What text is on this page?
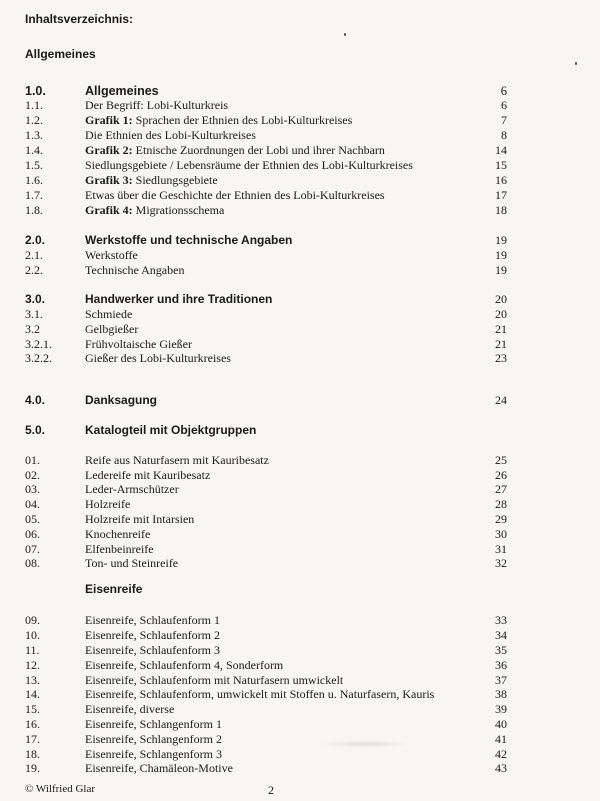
Inhaltsverzeichnis:
Allgemeines
1.0.	Allgemeines	6
1.1.	Der Begriff: Lobi-Kulturkreis	6
1.2.	Grafik 1: Sprachen der Ethnien des Lobi-Kulturkreises	7
1.3.	Die Ethnien des Lobi-Kulturkreises	8
1.4.	Grafik 2: Etnische Zuordnungen der Lobi und ihrer Nachbarn	14
1.5.	Siedlungsgebiete / Lebensräume der Ethnien des Lobi-Kulturkreises	15
1.6.	Grafik 3: Siedlungsgebiete	16
1.7.	Etwas über die Geschichte der Ethnien des Lobi-Kulturkreises	17
1.8.	Grafik 4: Migrationsschema	18
2.0.	Werkstoffe und technische Angaben	19
2.1.	Werkstoffe	19
2.2.	Technische Angaben	19
3.0.	Handwerker und ihre Traditionen	20
3.1.	Schmiede	20
3.2	Gelbgießer	21
3.2.1.	Frühvoltaische Gießer	21
3.2.2.	Gießer des Lobi-Kulturkreises	23
4.0.	Danksagung	24
5.0.	Katalogteil mit Objektgruppen
01.	Reife aus Naturfasern mit Kauribesatz	25
02.	Ledereife mit Kauribesatz	26
03.	Leder-Armschützer	27
04.	Holzreife	28
05.	Holzreife mit Intarsien	29
06.	Knochenreife	30
07.	Elfenbeinreife	31
08.	Ton- und Steinreife	32
09.	Eisenreife, Schlaufenform 1	33
10.	Eisenreife, Schlaufenform 2	34
11.	Eisenreife, Schlaufenform 3	35
12.	Eisenreife, Schlaufenform 4, Sonderform	36
13.	Eisenreife, Schlaufenform mit Naturfasern umwickelt	37
14.	Eisenreife, Schlaufenform, umwickelt mit Stoffen u. Naturfasern, Kauris	38
15.	Eisenreife, diverse	39
16.	Eisenreife, Schlangenform 1	40
17.	Eisenreife, Schlangenform 2	41
18.	Eisenreife, Schlangenform 3	42
19.	Eisenreife, Chamäleon-Motive	43
Eisenreife
© Wilfried Glar	2
